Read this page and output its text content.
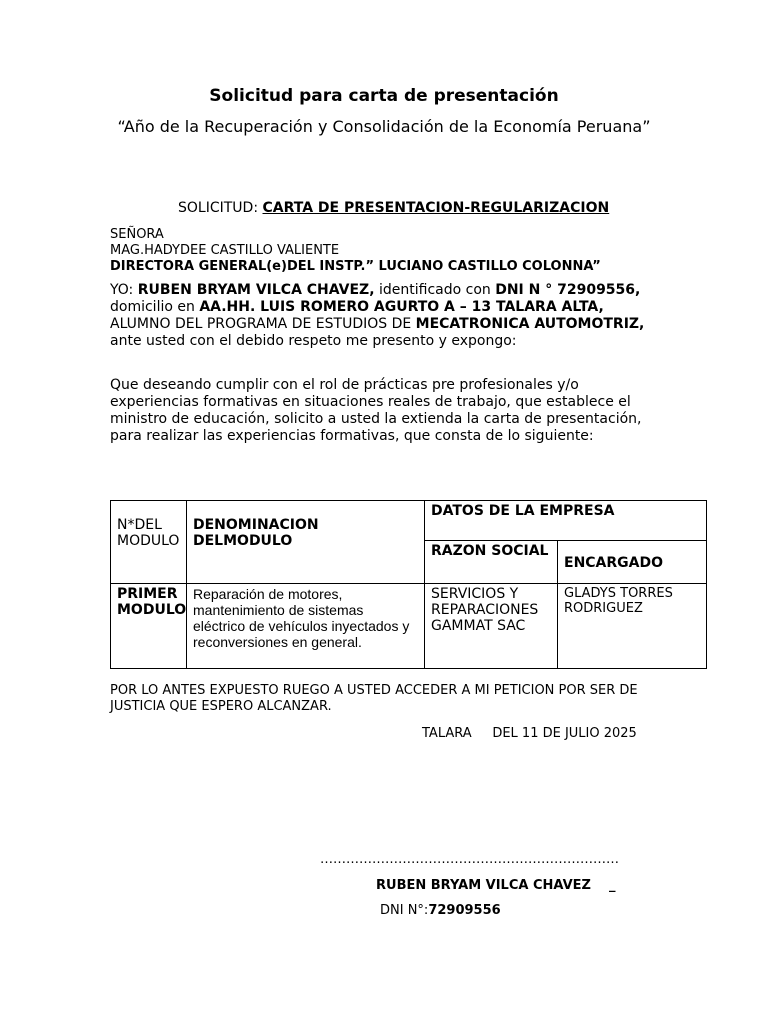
Solicitud para carta de presentación
“Año de la Recuperación y Consolidación de la Economía Peruana”
SOLICITUD: CARTA DE PRESENTACION-REGULARIZACION
SEÑORA
MAG.HADYDEE CASTILLO VALIENTE
DIRECTORA GENERAL(e)DEL INSTP.” LUCIANO CASTILLO COLONNA”
YO: RUBEN BRYAM VILCA CHAVEZ, identificado con DNI N ° 72909556, domicilio en AA.HH. LUIS ROMERO AGURTO A – 13 TALARA ALTA, ALUMNO DEL PROGRAMA DE ESTUDIOS DE MECATRONICA AUTOMOTRIZ, ante usted con el debido respeto me presento y expongo:
Que deseando cumplir con el rol de prácticas pre profesionales y/o experiencias formativas en situaciones reales de trabajo, que establece el ministro de educación, solicito a usted la extienda la carta de presentación, para realizar las experiencias formativas, que consta de lo siguiente:
N*DEL MODULO	DENOMINACION DELMODULO	DATOS DE LA EMPRESA	
		RAZON SOCIAL	ENCARGADO
PRIMER MODULO	Reparación de motores, mantenimiento de sistemas eléctrico de vehículos inyectados y reconversiones en general.	SERVICIOS Y REPARACIONES GAMMAT SAC	GLADYS TORRES RODRIGUEZ
POR LO ANTES EXPUESTO RUEGO A USTED ACCEDER A MI PETICION POR SER DE JUSTICIA QUE ESPERO ALCANZAR.
TALARA     DEL 11 DE JULIO 2025
……………………………………………………………
RUBEN BRYAM VILCA CHAVEZ    _
DNI N°:72909556
